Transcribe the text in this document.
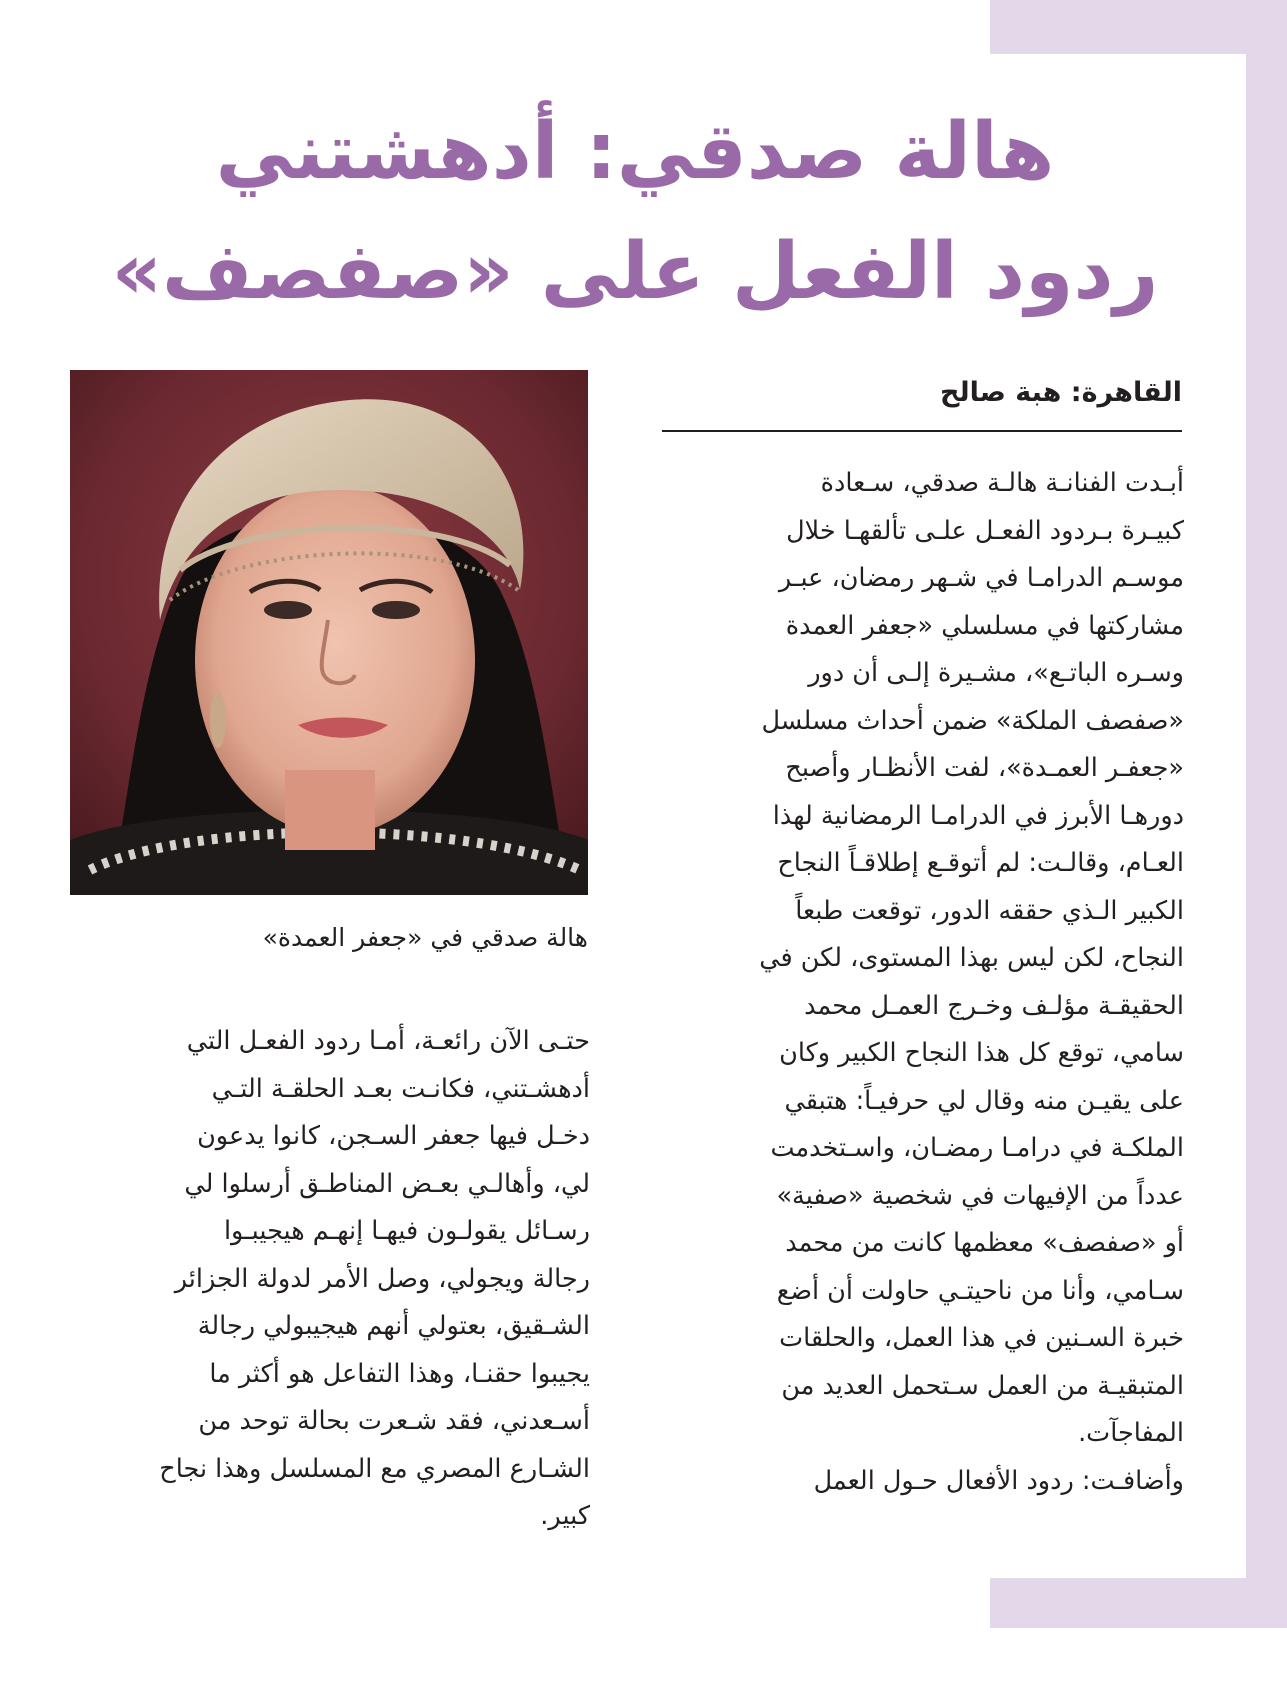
هالة صدقي: أدهشتني
ردود الفعل على «صفصف»
هالة صدقي في «جعفر العمدة»
القاهرة: هبة صالح
أبـدت الفنانـة هالـة صدقي، سـعادة
كبيـرة بـردود الفعـل علـى تألقهـا خلال
موسـم الدرامـا في شـهر رمضان، عبـر
مشاركتها في مسلسلي «جعفر العمدة
وسـره الباتـع»، مشـيرة إلـى أن دور
«صفصف الملكة» ضمن أحداث مسلسل
«جعفـر العمـدة»، لفت الأنظـار وأصبح
دورهـا الأبرز في الدرامـا الرمضانية لهذا
العـام، وقالـت: لم أتوقـع إطلاقـاً النجاح
الكبير الـذي حققه الدور، توقعت طبعاً
النجاح، لكن ليس بهذا المستوى، لكن في
الحقيقـة مؤلـف وخـرج العمـل محمد
سامي، توقع كل هذا النجاح الكبير وكان
على يقيـن منه وقال لي حرفيـاً: هتبقي
الملكـة في درامـا رمضـان، واسـتخدمت
عدداً من الإفيهات في شخصية «صفية»
أو «صفصف» معظمها كانت من محمد
سـامي، وأنا من ناحيتـي حاولت أن أضع
خبرة السـنين في هذا العمل، والحلقات
المتبقيـة من العمل سـتحمل العديد من
المفاجآت.
وأضافـت: ردود الأفعال حـول العمل
حتـى الآن رائعـة، أمـا ردود الفعـل التي
أدهشـتني، فكانـت بعـد الحلقـة التـي
دخـل فيها جعفر السـجن، كانوا يدعون
لي، وأهالـي بعـض المناطـق أرسلوا لي
رسـائل يقولـون فيهـا إنهـم هيجيبـوا
رجالة ويجولي، وصل الأمر لدولة الجزائر
الشـقيق، بعتولي أنهم هيجيبولي رجالة
يجيبوا حقنـا، وهذا التفاعل هو أكثر ما
أسـعدني، فقد شـعرت بحالة توحد من
الشـارع المصري مع المسلسل وهذا نجاح
كبير.
